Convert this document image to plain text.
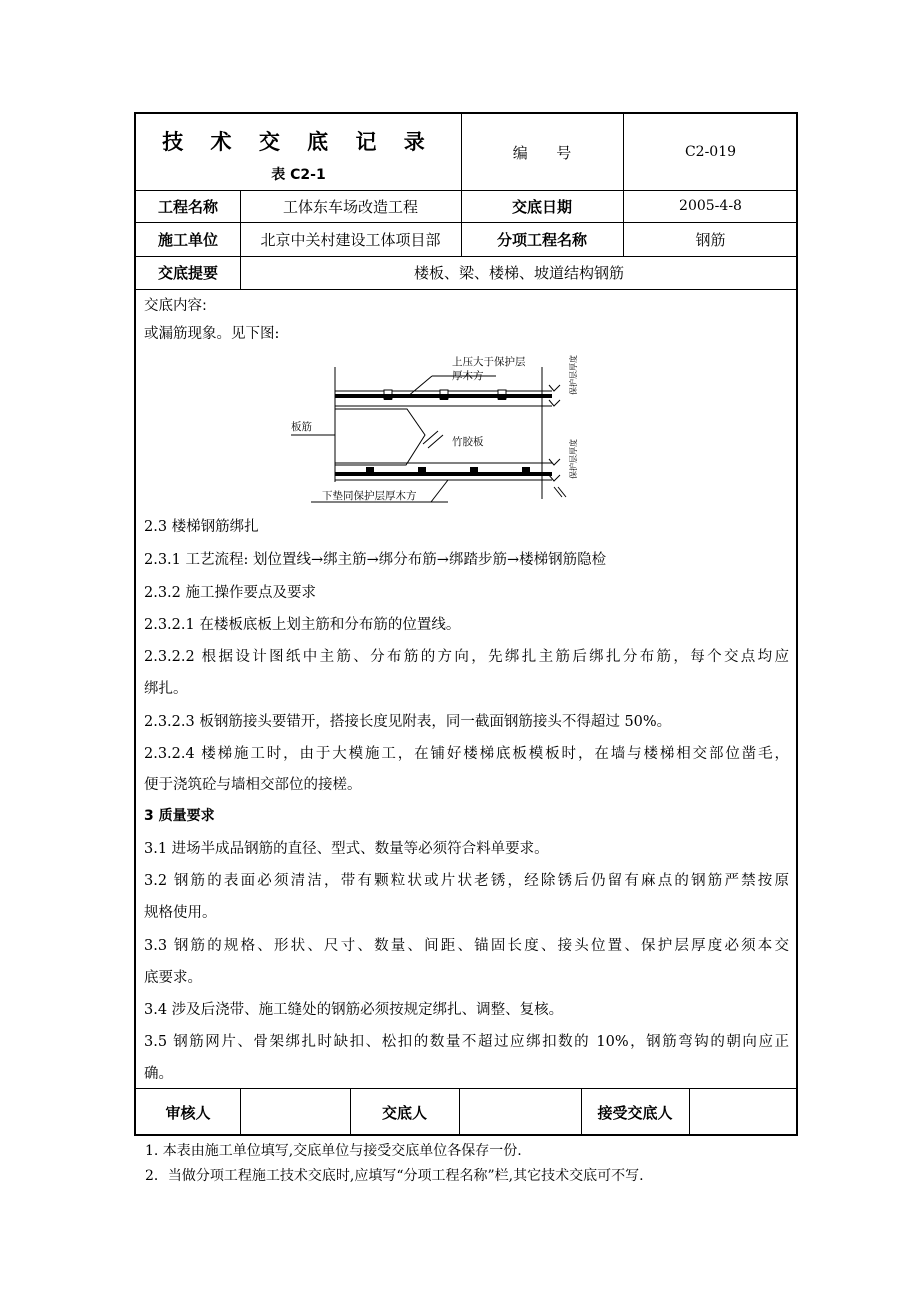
技 术 交 底 记 录
表 C2-1
编      号	C2-019
工程名称	工体东车场改造工程	交底日期	2005-4-8
施工单位	北京中关村建设工体项目部	分项工程名称	钢筋
交底提要	楼板、梁、楼梯、坡道结构钢筋
交底内容:
或漏筋现象。见下图:
上压大于保护层
厚木方
板筋
竹胶板
下垫同保护层厚木方
保护层厚度
保护层厚度
2.3 楼梯钢筋绑扎
2.3.1 工艺流程: 划位置线→绑主筋→绑分布筋→绑踏步筋→楼梯钢筋隐检
2.3.2 施工操作要点及要求
2.3.2.1 在楼板底板上划主筋和分布筋的位置线。
2.3.2.2 根据设计图纸中主筋、分布筋的方向，先绑扎主筋后绑扎分布筋，每个交点均应
绑扎。
2.3.2.3 板钢筋接头要错开，搭接长度见附表，同一截面钢筋接头不得超过 50%。
2.3.2.4 楼梯施工时，由于大模施工，在铺好楼梯底板模板时，在墙与楼梯相交部位凿毛，
便于浇筑砼与墙相交部位的接槎。
3 质量要求
3.1 进场半成品钢筋的直径、型式、数量等必须符合料单要求。
3.2 钢筋的表面必须清洁，带有颗粒状或片状老锈，经除锈后仍留有麻点的钢筋严禁按原
规格使用。
3.3 钢筋的规格、形状、尺寸、数量、间距、锚固长度、接头位置、保护层厚度必须本交
底要求。
3.4 涉及后浇带、施工缝处的钢筋必须按规定绑扎、调整、复核。
3.5 钢筋网片、骨架绑扎时缺扣、松扣的数量不超过应绑扣数的 10%，钢筋弯钩的朝向应正
确。
审核人	交底人	接受交底人
1. 本表由施工单位填写,交底单位与接受交底单位各保存一份.
2．当做分项工程施工技术交底时,应填写“分项工程名称”栏,其它技术交底可不写.
